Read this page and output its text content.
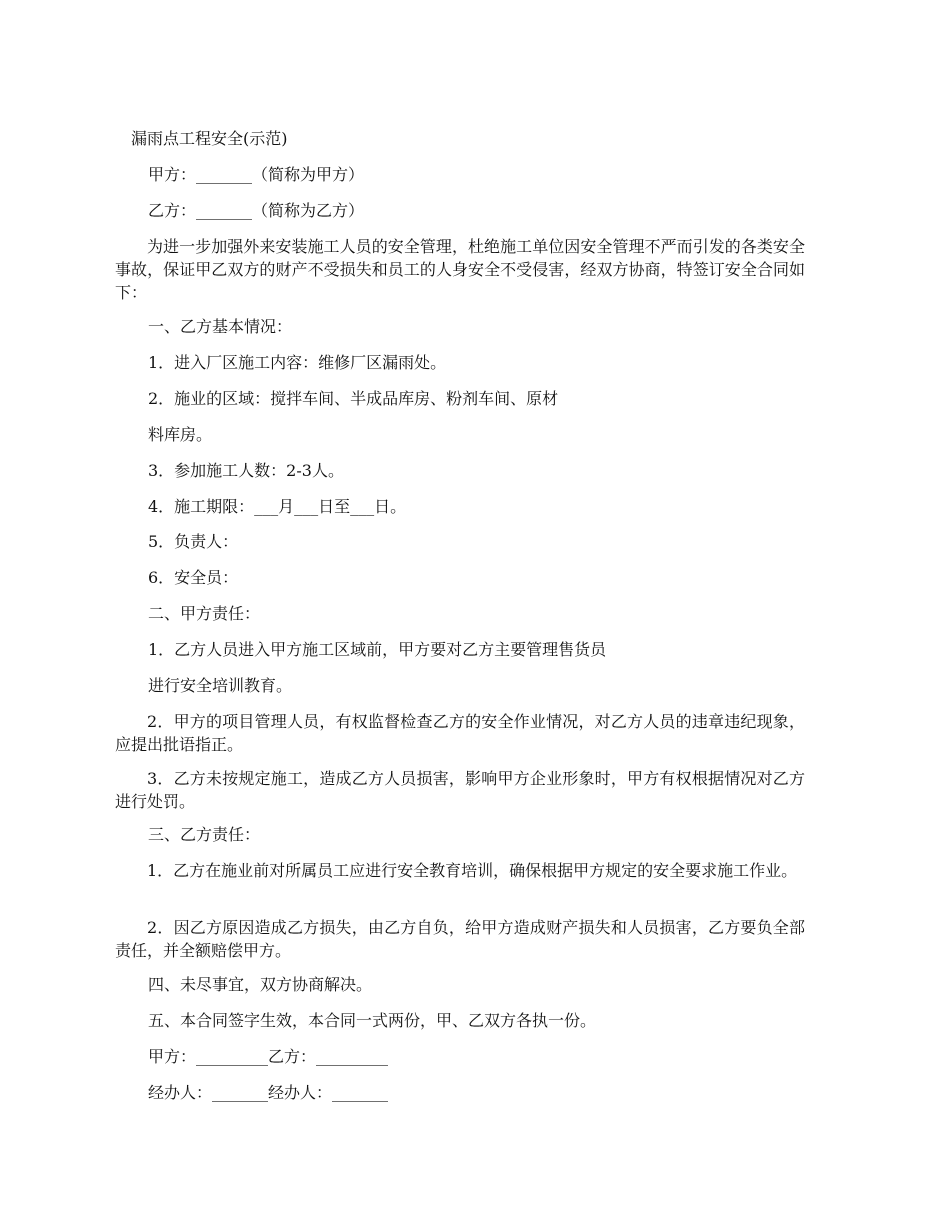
漏雨点工程安全(示范)
甲方：_______（简称为甲方）
乙方：_______（简称为乙方）
为进一步加强外来安装施工人员的安全管理，杜绝施工单位因安全管理不严而引发的各类安全事故，保证甲乙双方的财产不受损失和员工的人身安全不受侵害，经双方协商，特签订安全合同如下：
一、乙方基本情况：
1．进入厂区施工内容：维修厂区漏雨处。
2．施业的区域：搅拌车间、半成品库房、粉剂车间、原材
料库房。
3．参加施工人数：2-3人。
4．施工期限：___月___日至___日。
5．负责人：
6．安全员：
二、甲方责任：
1．乙方人员进入甲方施工区域前，甲方要对乙方主要管理售货员
进行安全培训教育。
2．甲方的项目管理人员，有权监督检查乙方的安全作业情况，对乙方人员的违章违纪现象，应提出批语指正。
3．乙方未按规定施工，造成乙方人员损害，影响甲方企业形象时，甲方有权根据情况对乙方进行处罚。
三、乙方责任：
1．乙方在施业前对所属员工应进行安全教育培训，确保根据甲方规定的安全要求施工作业。
2．因乙方原因造成乙方损失，由乙方自负，给甲方造成财产损失和人员损害，乙方要负全部责任，并全额赔偿甲方。
四、未尽事宜，双方协商解决。
五、本合同签字生效，本合同一式两份，甲、乙双方各执一份。
甲方：_________乙方：_________
经办人：_______经办人：_______
